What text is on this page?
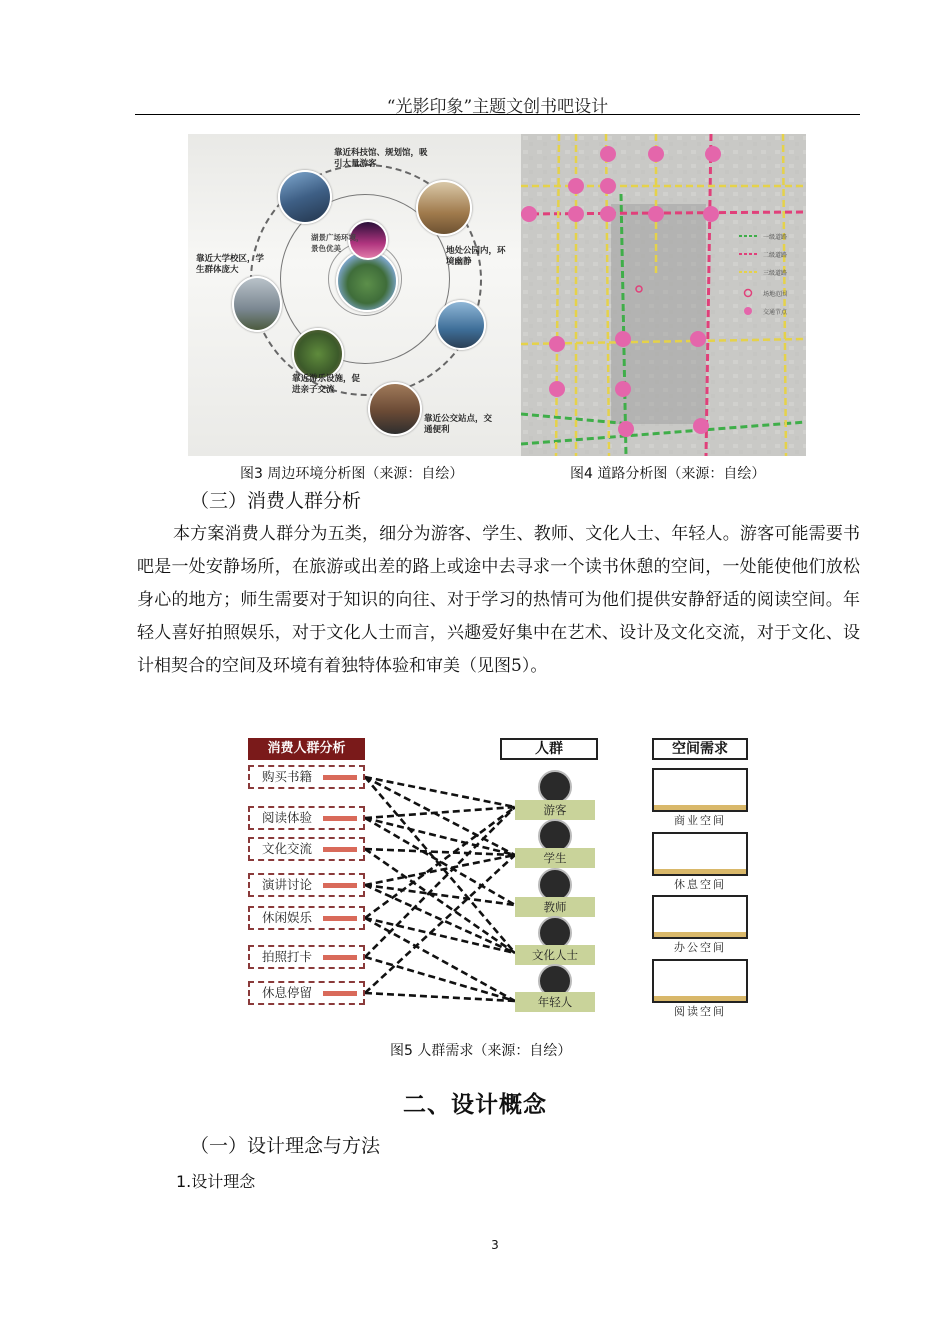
“光影印象”主题文创书吧设计
靠近科技馆、规划馆，吸引大量游客
靠近大学校区，学生群体庞大
湖景广场环境，景色优美	地处公园内，环境幽静
靠近游乐设施，促进亲子交流
靠近公交站点，交通便利
一级道路
二级道路
三级道路
场地范围
交通节点
图3 周边环境分析图（来源：自绘）	图4 道路分析图（来源：自绘）
（三）消费人群分析
本方案消费人群分为五类，细分为游客、学生、教师、文化人士、年轻人。游客可能需要书吧是一处安静场所，在旅游或出差的路上或途中去寻求一个读书休憩的空间，一处能使他们放松身心的地方；师生需要对于知识的向往、对于学习的热情可为他们提供安静舒适的阅读空间。年轻人喜好拍照娱乐，对于文化人士而言，兴趣爱好集中在艺术、设计及文化交流，对于文化、设计相契合的空间及环境有着独特体验和审美（见图5）。
消费人群分析
购买书籍
阅读体验
文化交流
演讲讨论
休闲娱乐
拍照打卡
休息停留
人群
游客
学生
教师
文化人士
年轻人
空间需求
商业空间
休息空间
办公空间
阅读空间
图5 人群需求（来源：自绘）
二、设计概念
（一）设计理念与方法
1.设计理念
3
